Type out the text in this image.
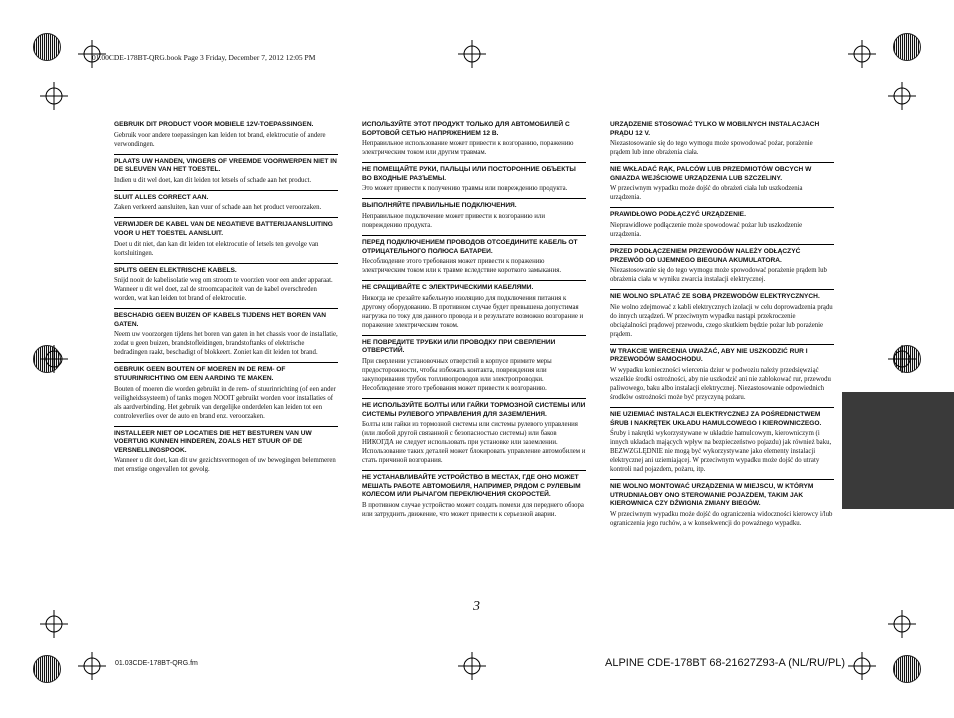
01.00CDE-178BT-QRG.book Page 3 Friday, December 7, 2012 12:05 PM

GEBRUIK DIT PRODUCT VOOR MOBIELE 12V-TOEPASSINGEN.

Gebruik voor andere toepassingen kan leiden tot brand, elektrocutie of andere verwondingen.

PLAATS UW HANDEN, VINGERS OF VREEMDE VOORWERPEN NIET IN DE SLEUVEN VAN HET TOESTEL.

Indien u dit wel doet, kan dit leiden tot letsels of schade aan het product.

SLUIT ALLES CORRECT AAN.

Zaken verkeerd aansluiten, kan vuur of schade aan het product veroorzaken.

VERWIJDER DE KABEL VAN DE NEGATIEVE BATTERIJAANSLUITING VOOR U HET TOESTEL AANSLUIT.

Doet u dit niet, dan kan dit leiden tot elektrocutie of letsels ten gevolge van kortsluitingen.

SPLITS GEEN ELEKTRISCHE KABELS.

Snijd nooit de kabelisolatie weg om stroom te voorzien voor een ander apparaat. Wanneer u dit wel doet, zal de stroomcapaciteit van de kabel overschreden worden, wat kan leiden tot brand of elektrocutie.

BESCHADIG GEEN BUIZEN OF KABELS TIJDENS HET BOREN VAN GATEN.

Neem uw voorzorgen tijdens het boren van gaten in het chassis voor de installatie, zodat u geen buizen, brandstofleidingen, brandstoftanks of elektrische bedradingen raakt, beschadigt of blokkeert. Zoniet kan dit leiden tot brand.

GEBRUIK GEEN BOUTEN OF MOEREN IN DE REM- OF STUURINRICHTING OM EEN AARDING TE MAKEN.

Bouten of moeren die worden gebruikt in de rem- of stuurinrichting (of een ander veiligheidssysteem) of tanks mogen NOOIT gebruikt worden voor installaties of als aardverbinding. Het gebruik van dergelijke onderdelen kan leiden tot een controleverlies over de auto en brand enz. veroorzaken.

INSTALLEER NIET OP LOCATIES DIE HET BESTUREN VAN UW VOERTUIG KUNNEN HINDEREN, ZOALS HET STUUR OF DE VERSNELLINGSPOOK.

Wanneer u dit doet, kan dit uw gezichtsvermogen of uw bewegingen belemmeren met ernstige ongevallen tot gevolg.

ИСПОЛЬЗУЙТЕ ЭТОТ ПРОДУКТ ТОЛЬКО ДЛЯ АВТОМОБИЛЕЙ С БОРТОВОЙ СЕТЬЮ НАПРЯЖЕНИЕМ 12 В.

Неправильное использование может привести к возгоранию, поражению электрическим током или другим травмам.

НЕ ПОМЕЩАЙТЕ РУКИ, ПАЛЬЦЫ ИЛИ ПОСТОРОННИЕ ОБЪЕКТЫ ВО ВХОДНЫЕ РАЗЪЕМЫ.

Это может привести к получению травмы или повреждению продукта.

ВЫПОЛНЯЙТЕ ПРАВИЛЬНЫЕ ПОДКЛЮЧЕНИЯ.

Неправильное подключение может привести к возгоранию или повреждению продукта.

ПЕРЕД ПОДКЛЮЧЕНИЕМ ПРОВОДОВ ОТСОЕДИНИТЕ КАБЕЛЬ ОТ ОТРИЦАТЕЛЬНОГО ПОЛЮСА БАТАРЕИ.

Несоблюдение этого требования может привести к поражению электрическим током или к травме вследствие короткого замыкания.

НЕ СРАЩИВАЙТЕ С ЭЛЕКТРИЧЕСКИМИ КАБЕЛЯМИ.

Никогда не срезайте кабельную изоляцию для подключения питания к другому оборудованию. В противном случае будет превышена допустимая нагрузка по току для данного провода и в результате возможно возгорание и поражение электрическим током.

НЕ ПОВРЕДИТЕ ТРУБКИ ИЛИ ПРОВОДКУ ПРИ СВЕРЛЕНИИ ОТВЕРСТИЙ.

При сверлении установочных отверстий в корпусе примите меры предосторожности, чтобы избежать контакта, повреждения или закупоривания трубок топливопроводов или электропроводки. Несоблюдение этого требования может привести к возгоранию.

НЕ ИСПОЛЬЗУЙТЕ БОЛТЫ ИЛИ ГАЙКИ ТОРМОЗНОЙ СИСТЕМЫ ИЛИ СИСТЕМЫ РУЛЕВОГО УПРАВЛЕНИЯ ДЛЯ ЗАЗЕМЛЕНИЯ.

Болты или гайки из тормозной системы или системы рулевого управления (или любой другой связанной с безопасностью системы) или баков НИКОГДА не следует использовать при установке или заземлении. Использование таких деталей может блокировать управление автомобилем и стать причиной возгорания.

НЕ УСТАНАВЛИВАЙТЕ УСТРОЙСТВО В МЕСТАХ, ГДЕ ОНО МОЖЕТ МЕШАТЬ РАБОТЕ АВТОМОБИЛЯ, НАПРИМЕР, РЯДОМ С РУЛЕВЫМ КОЛЕСОМ ИЛИ РЫЧАГОМ ПЕРЕКЛЮЧЕНИЯ СКОРОСТЕЙ.

В противном случае устройство может создать помехи для переднего обзора или затруднить движение, что может привести к серьезной аварии.

URZĄDZENIE STOSOWAĆ TYLKO W MOBILNYCH INSTALACJACH PRĄDU 12 V.

Niezastosowanie się do tego wymogu może spowodować pożar, porażenie prądem lub inne obrażenia ciała.

NIE WKŁADAĆ RĄK, PALCÓW LUB PRZEDMIOTÓW OBCYCH W GNIAZDA WEJŚCIOWE URZĄDZENIA LUB SZCZELINY.

W przeciwnym wypadku może dojść do obrażeń ciała lub uszkodzenia urządzenia.

PRAWIDŁOWO PODŁĄCZYĆ URZĄDZENIE.

Nieprawidłowe podłączenie może spowodować pożar lub uszkodzenie urządzenia.

PRZED PODŁĄCZENIEM PRZEWODÓW NALEŻY ODŁĄCZYĆ PRZEWÓD OD UJEMNEGO BIEGUNA AKUMULATORA.

Niezastosowanie się do tego wymogu może spowodować porażenie prądem lub obrażenia ciała w wyniku zwarcia instalacji elektrycznej.

NIE WOLNO SPLATAĆ ZE SOBĄ PRZEWODÓW ELEKTRYCZNYCH.

Nie wolno zdejmować z kabli elektrycznych izolacji w celu doprowadzenia prądu do innych urządzeń. W przeciwnym wypadku nastąpi przekroczenie obciążalności prądowej przewodu, czego skutkiem będzie pożar lub porażenie prądem.

W TRAKCIE WIERCENIA UWAŻAĆ, ABY NIE USZKODZIĆ RUR I PRZEWODÓW SAMOCHODU.

W wypadku konieczności wiercenia dziur w podwoziu należy przedsięwziąć wszelkie środki ostrożności, aby nie uszkodzić ani nie zablokować rur, przewodu paliwowego, baku albo instalacji elektrycznej. Niezastosowanie odpowiednich środków ostrożności może być przyczyną pożaru.

NIE UZIEMIAĆ INSTALACJI ELEKTRYCZNEJ ZA POŚREDNICTWEM ŚRUB I NAKRĘTEK UKŁADU HAMULCOWEGO I KIEROWNICZEGO.

Śruby i nakrętki wykorzystywane w układzie hamulcowym, kierowniczym (i innych układach mających wpływ na bezpieczeństwo pojazdu) jak również baku, BEZWZGLĘDNIE nie mogą być wykorzystywane jako elementy instalacji elektrycznej ani uziemiającej. W przeciwnym wypadku może dojść do utraty kontroli nad pojazdem, pożaru, itp.

NIE WOLNO MONTOWAĆ URZĄDZENIA W MIEJSCU, W KTÓRYM UTRUDNIAŁOBY ONO STEROWANIE POJAZDEM, TAKIM JAK KIEROWNICA CZY DŹWIGNIA ZMIANY BIEGÓW.

W przeciwnym wypadku może dojść do ograniczenia widoczności kierowcy i/lub ograniczenia jego ruchów, a w konsekwencji do poważnego wypadku.

3
01.03CDE-178BT-QRG.fm	ALPINE CDE-178BT 68-21627Z93-A (NL/RU/PL)
